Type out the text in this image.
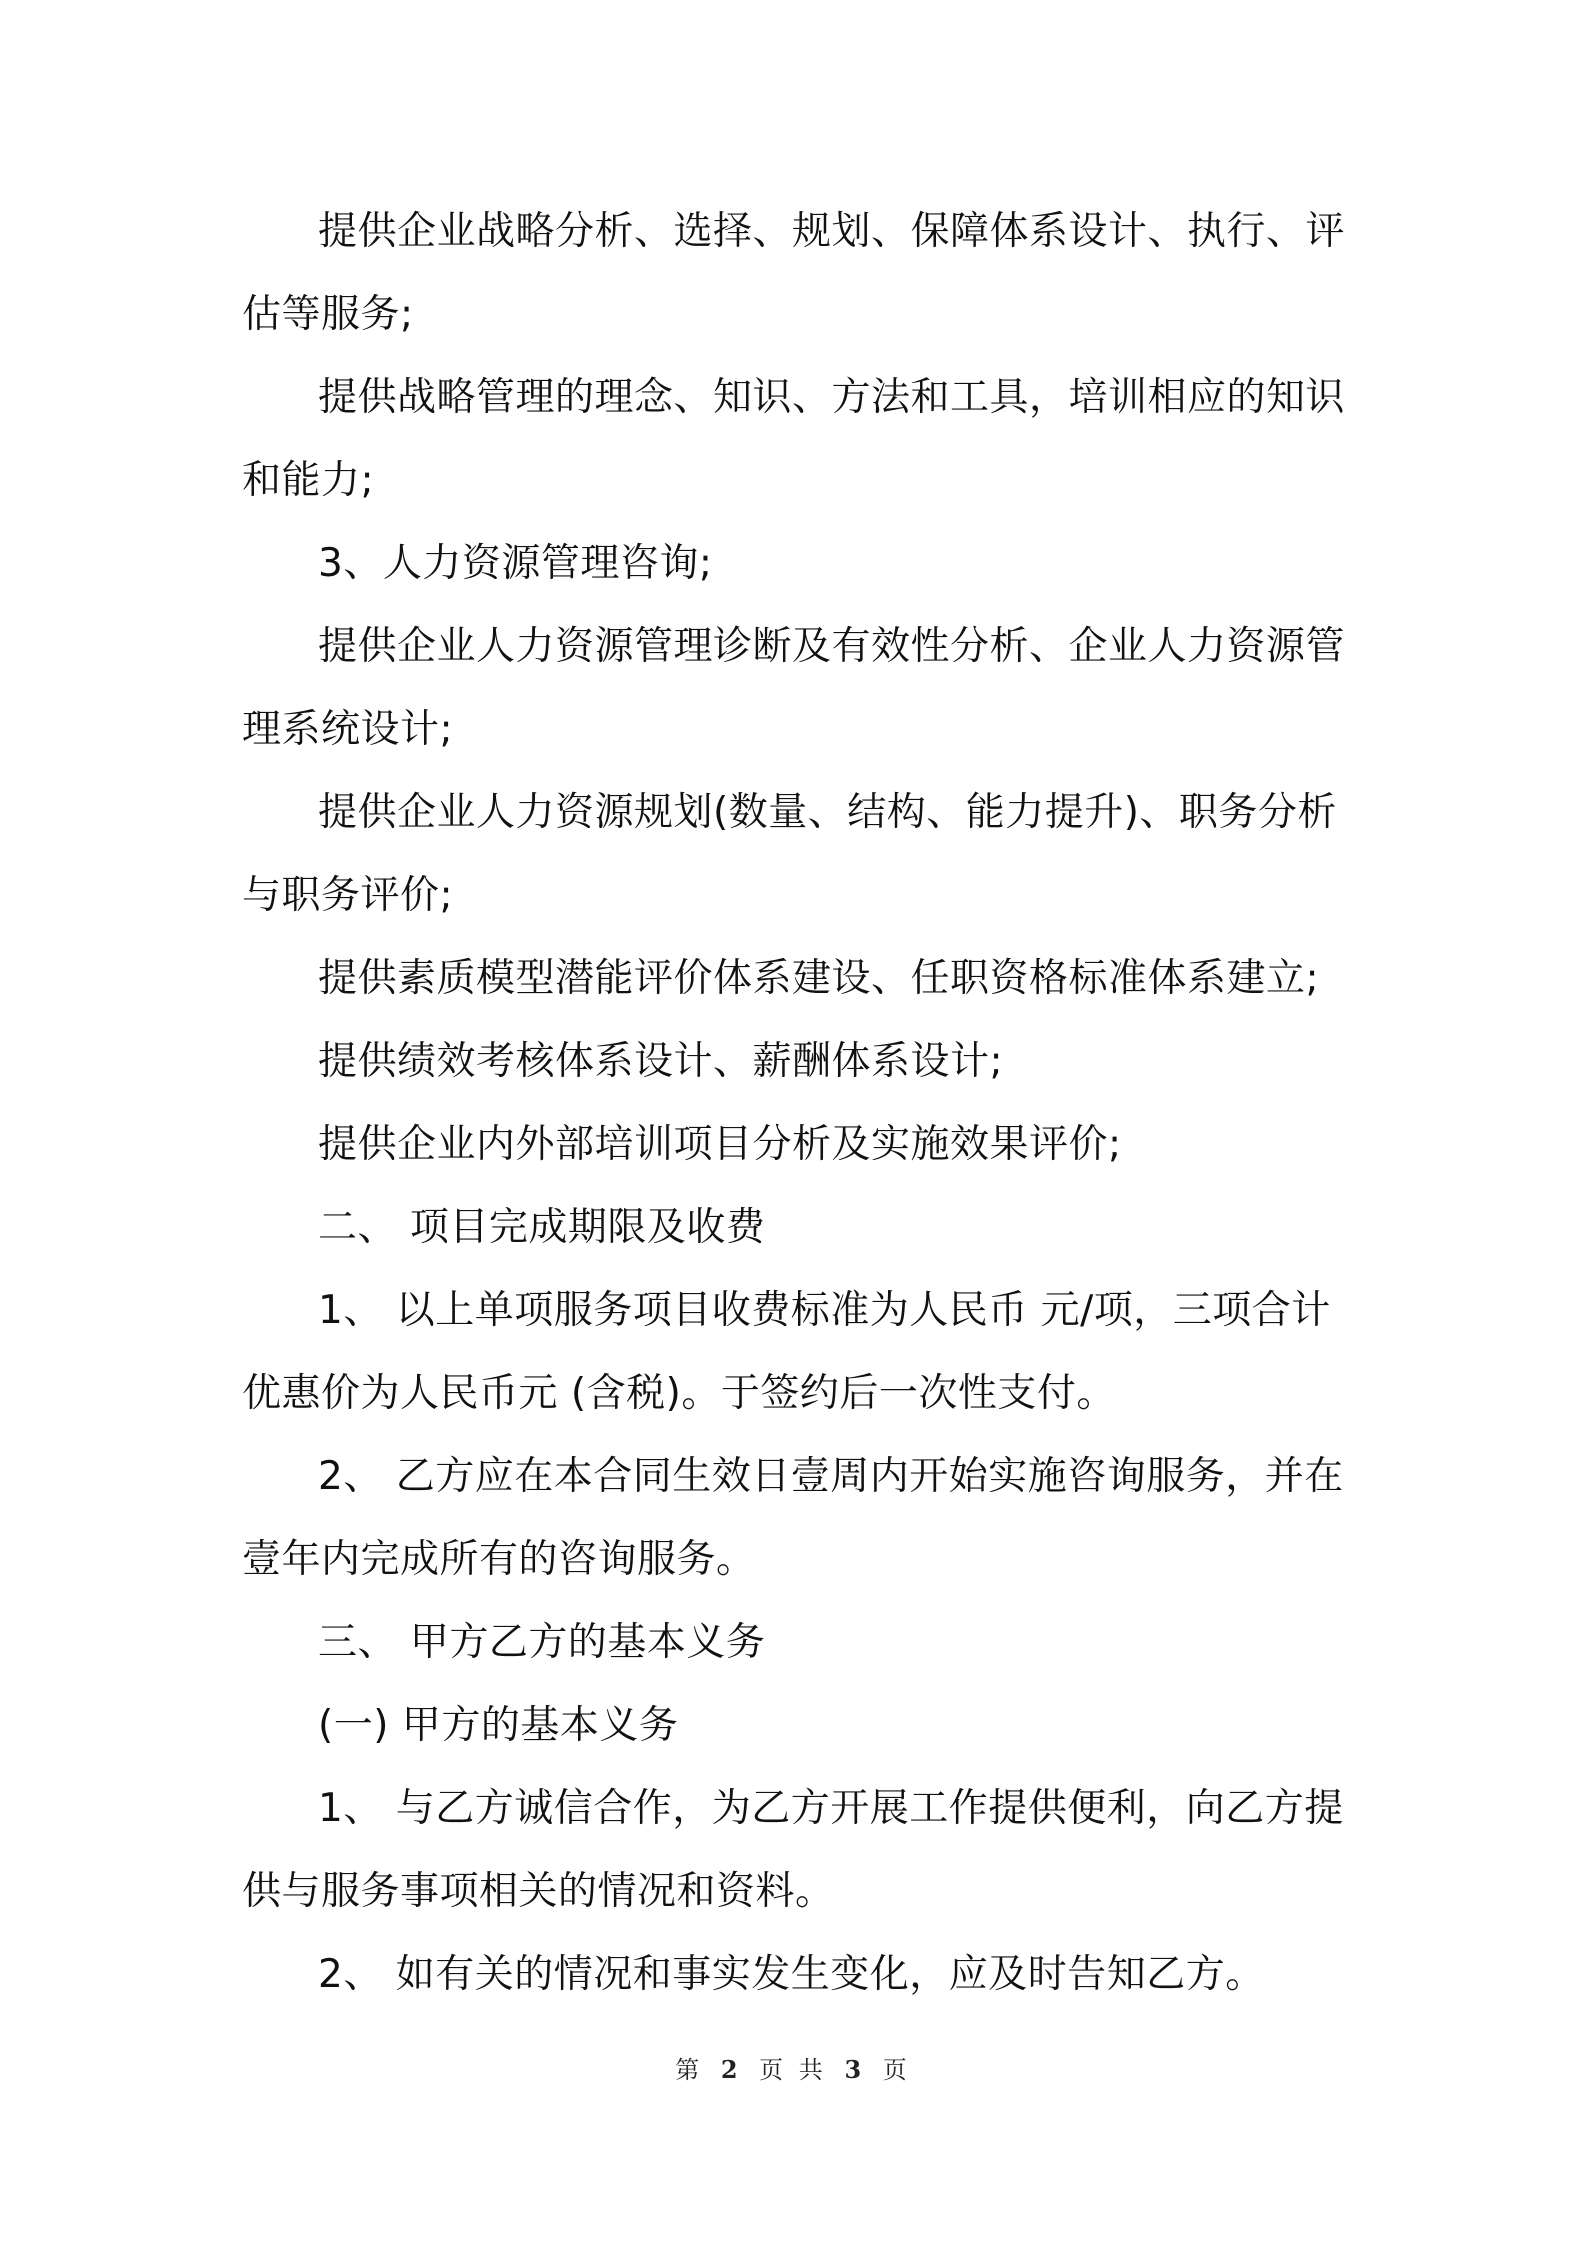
提供企业战略分析、选择、规划、保障体系设计、执行、评估等服务;

提供战略管理的理念、知识、方法和工具，培训相应的知识和能力;

3、人力资源管理咨询;

提供企业人力资源管理诊断及有效性分析、企业人力资源管理系统设计;

提供企业人力资源规划(数量、结构、能力提升)、职务分析与职务评价;

提供素质模型潜能评价体系建设、任职资格标准体系建立;

提供绩效考核体系设计、薪酬体系设计;

提供企业内外部培训项目分析及实施效果评价;

二、 项目完成期限及收费

1、 以上单项服务项目收费标准为人民币 元/项，三项合计优惠价为人民币元 (含税)。于签约后一次性支付。

2、 乙方应在本合同生效日壹周内开始实施咨询服务，并在壹年内完成所有的咨询服务。

三、 甲方乙方的基本义务

(一) 甲方的基本义务

1、 与乙方诚信合作，为乙方开展工作提供便利，向乙方提供与服务事项相关的情况和资料。

2、 如有关的情况和事实发生变化，应及时告知乙方。

第 2 页 共 3 页
